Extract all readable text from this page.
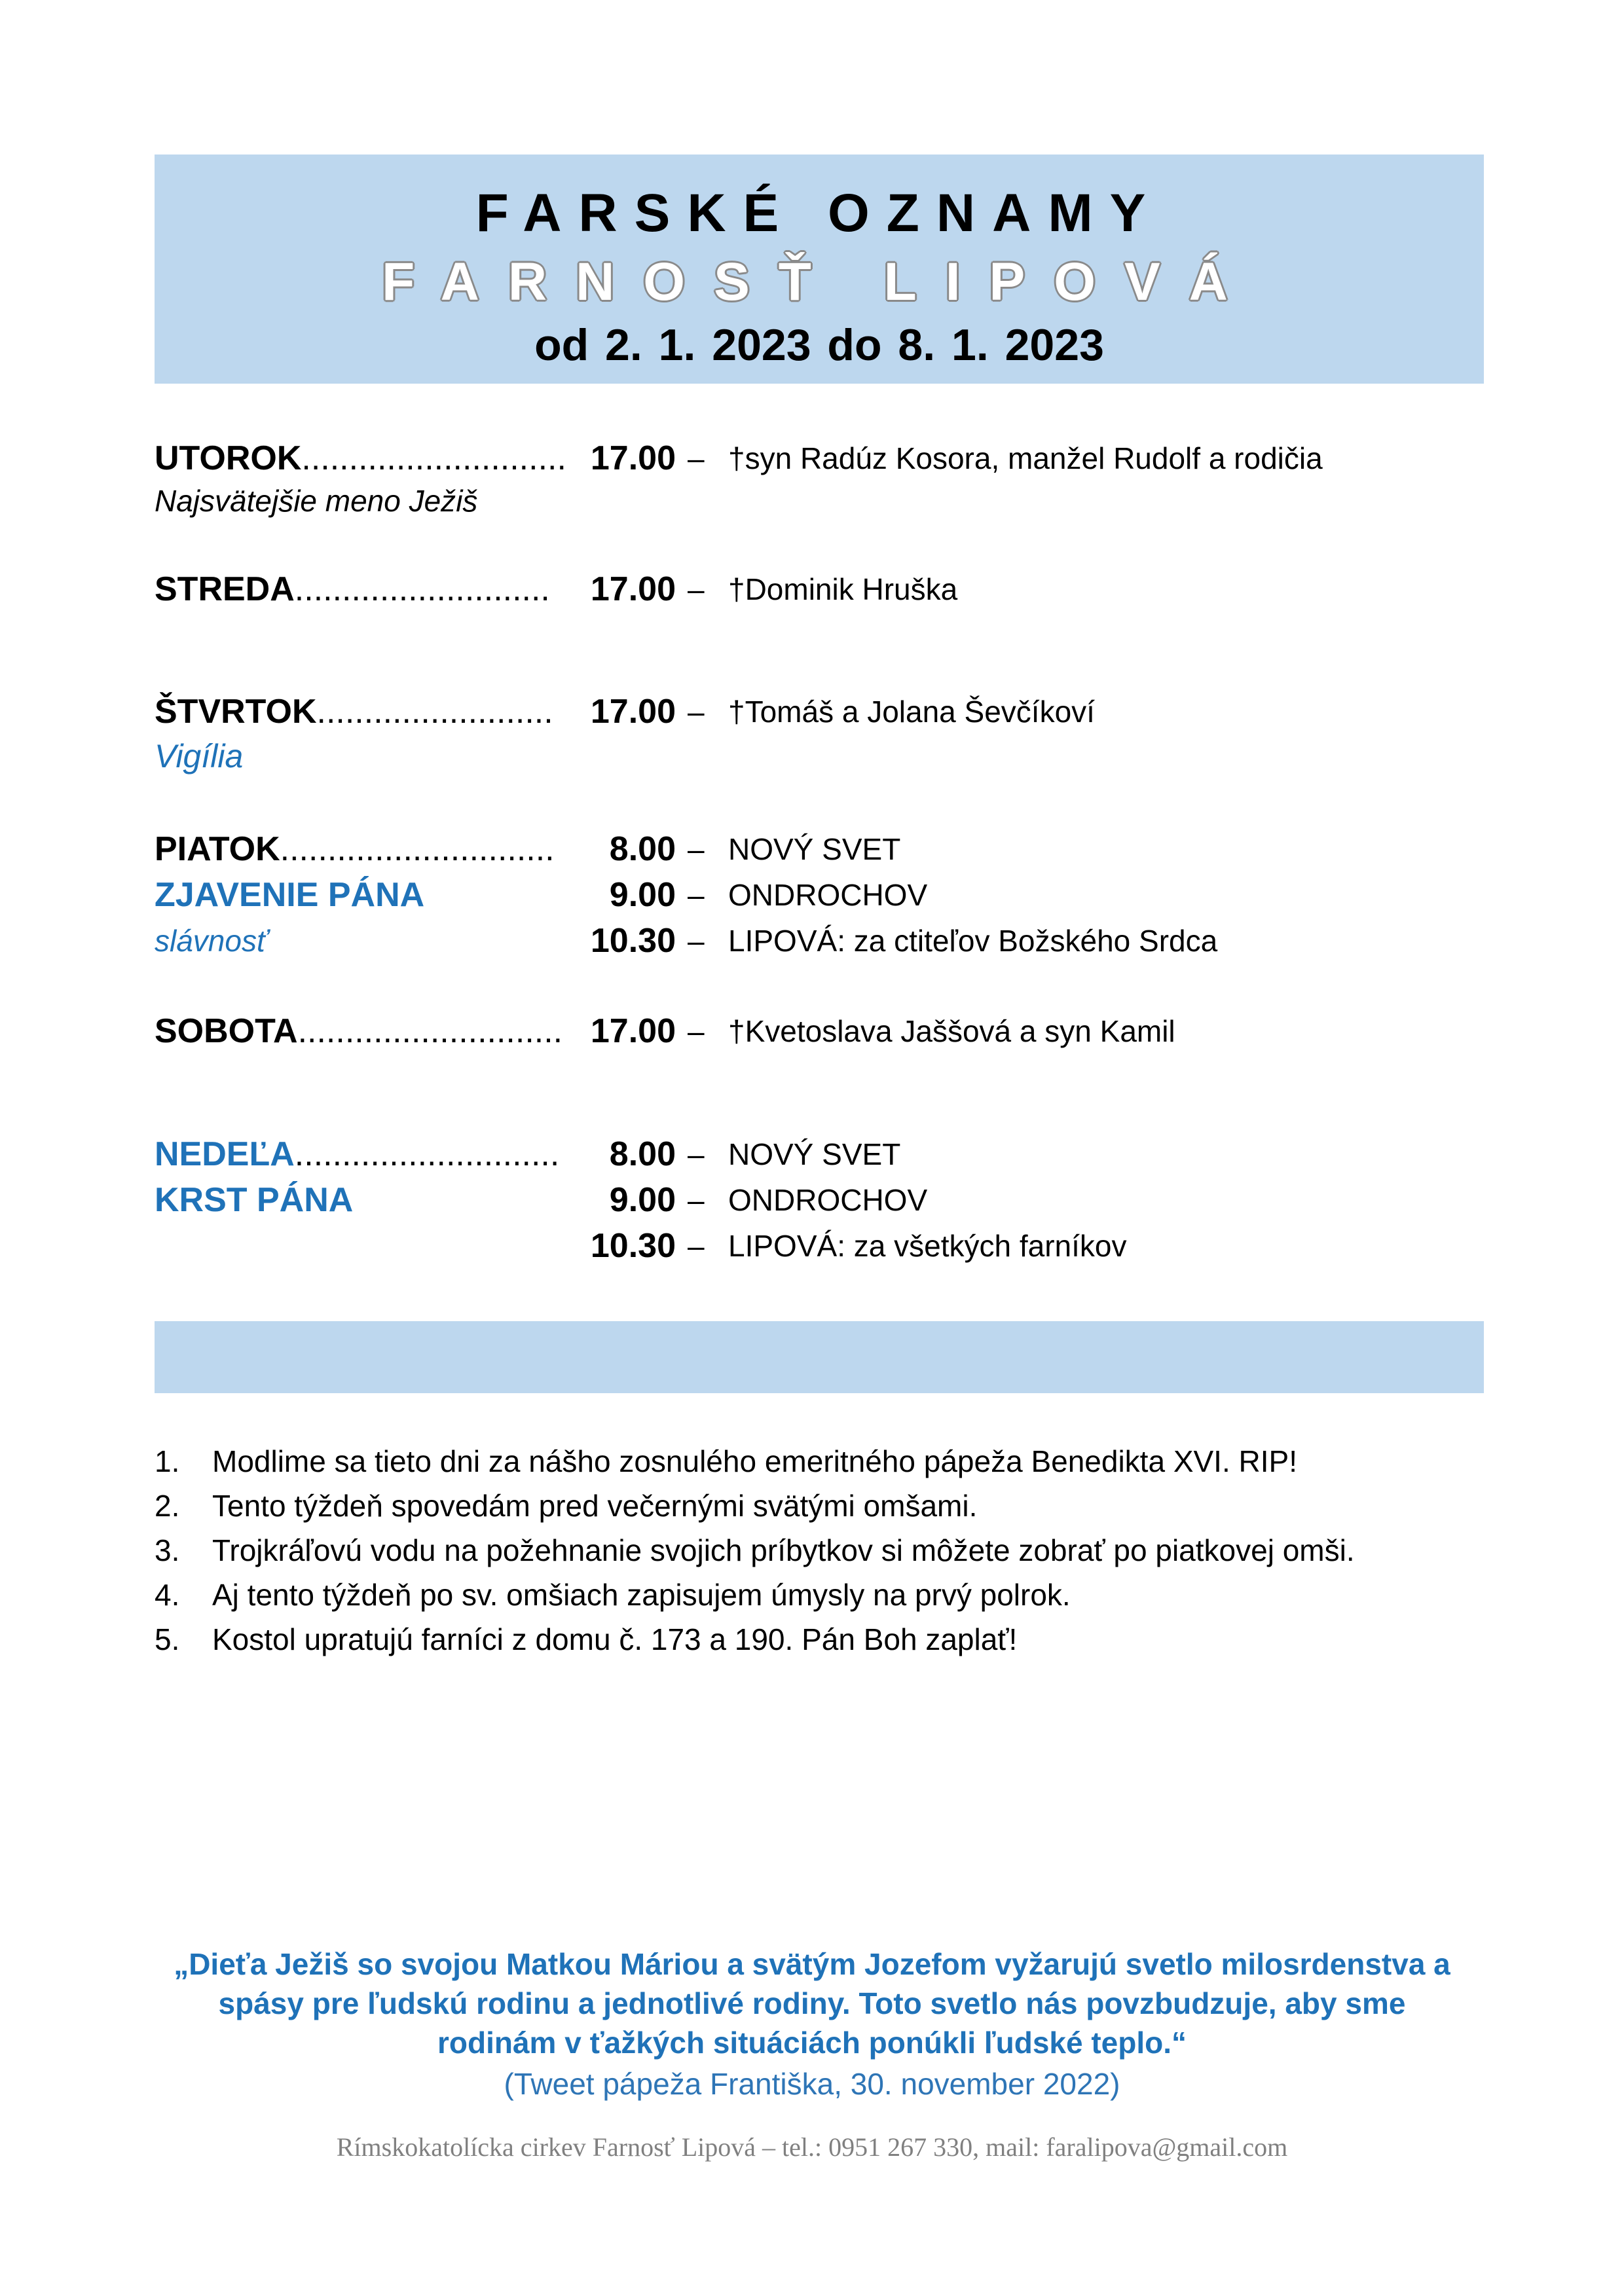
FARSKÉ OZNAMY
FARNOSŤ LIPOVÁ
od 2. 1. 2023 do 8. 1. 2023
UTOROK............................ 17.00 – †syn Radúz Kosora, manžel Rudolf a rodičia
Najsvätejšie meno Ježiš
STREDA...........................	17.00 – †Dominik Hruška
ŠTVRTOK.........................	17.00 – †Tomáš a Jolana Ševčíkoví
Vigília
PIATOK.............................	8.00 – NOVÝ SVET
ZJAVENIE PÁNA	9.00 – ONDROCHOV
slávnosť	10.30 – LIPOVÁ: za ctiteľov Božského Srdca
SOBOTA............................ 17.00 – †Kvetoslava Jaššová a syn Kamil
NEDEĽA............................	8.00 – NOVÝ SVET
KRST PÁNA	9.00 – ONDROCHOV
10.30 – LIPOVÁ: za všetkých farníkov
1. Modlime sa tieto dni za nášho zosnulého emeritného pápeža Benedikta XVI. RIP!
2. Tento týždeň spovedám pred večernými svätými omšami.
3. Trojkráľovú vodu na požehnanie svojich príbytkov si môžete zobrať po piatkovej omši.
4. Aj tento týždeň po sv. omšiach zapisujem úmysly na prvý polrok.
5. Kostol upratujú farníci z domu č. 173 a 190. Pán Boh zaplať!
„Dieťa Ježiš so svojou Matkou Máriou a svätým Jozefom vyžarujú svetlo milosrdenstva a
spásy pre ľudskú rodinu a jednotlivé rodiny. Toto svetlo nás povzbudzuje, aby sme
rodinám v ťažkých situáciách ponúkli ľudské teplo.“
(Tweet pápeža Františka, 30. november 2022)
Rímskokatolícka cirkev Farnosť Lipová – tel.: 0951 267 330, mail: faralipova@gmail.com
